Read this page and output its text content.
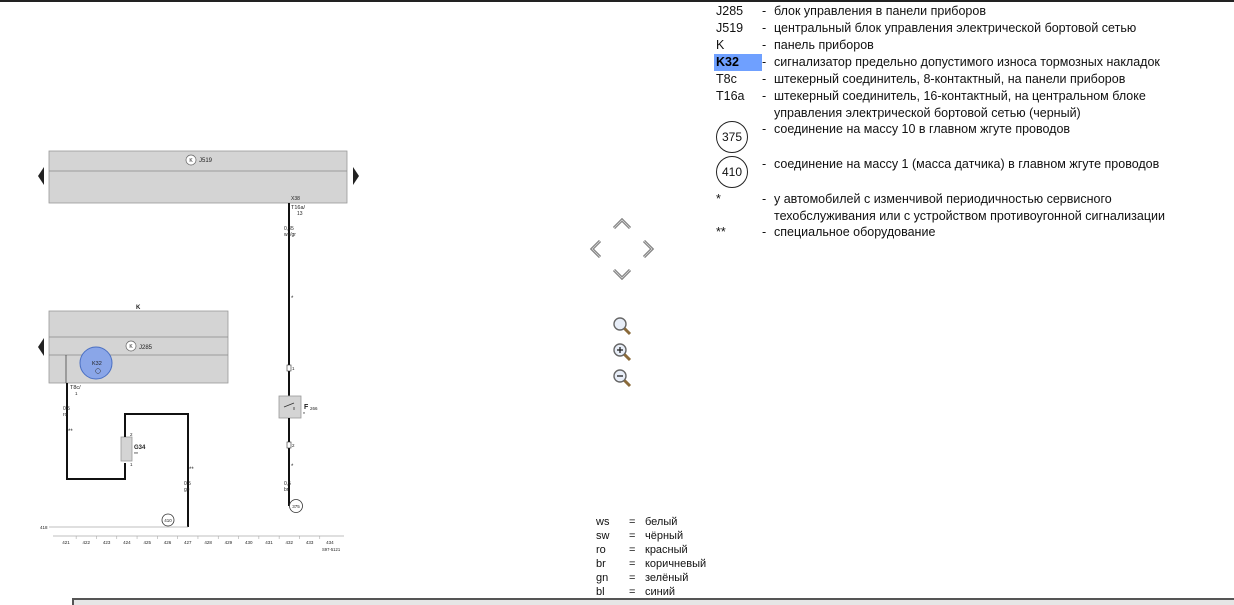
Κ J519
X38
T16a/
13
0,35
ws/gr
*
1
F 266
*
2
*
0,5
br
375
K
Κ J285
K32
T8c/
1
0,5
ro
**	2
G34
**
1
**
0,5
ge
418
410
421	422	423	424	425	426	427	428	429	430	431	432	433	434
S97-5121
J285 - блок управления в панели приборов
J519 - центральный блок управления электрической бортовой сетью
K	- панель приборов
K32	- сигнализатор предельно допустимого износа тормозных накладок
T8c - штекерный соединитель, 8-контактный, на панели приборов
T16a - штекерный соединитель, 16-контактный, на центральном блоке управления электрической бортовой сетью (черный)
375
- соединение на массу 10 в главном жгуте проводов
410
- соединение на массу 1 (масса датчика) в главном жгуте проводов
*	- у автомобилей с изменчивой периодичностью сервисного техобслуживания или с устройством противоугонной сигнализации
**	- специальное оборудование
ws = белый
sw = чёрный
ro = красный
br = коричневый
gn = зелёный
bl = синий
